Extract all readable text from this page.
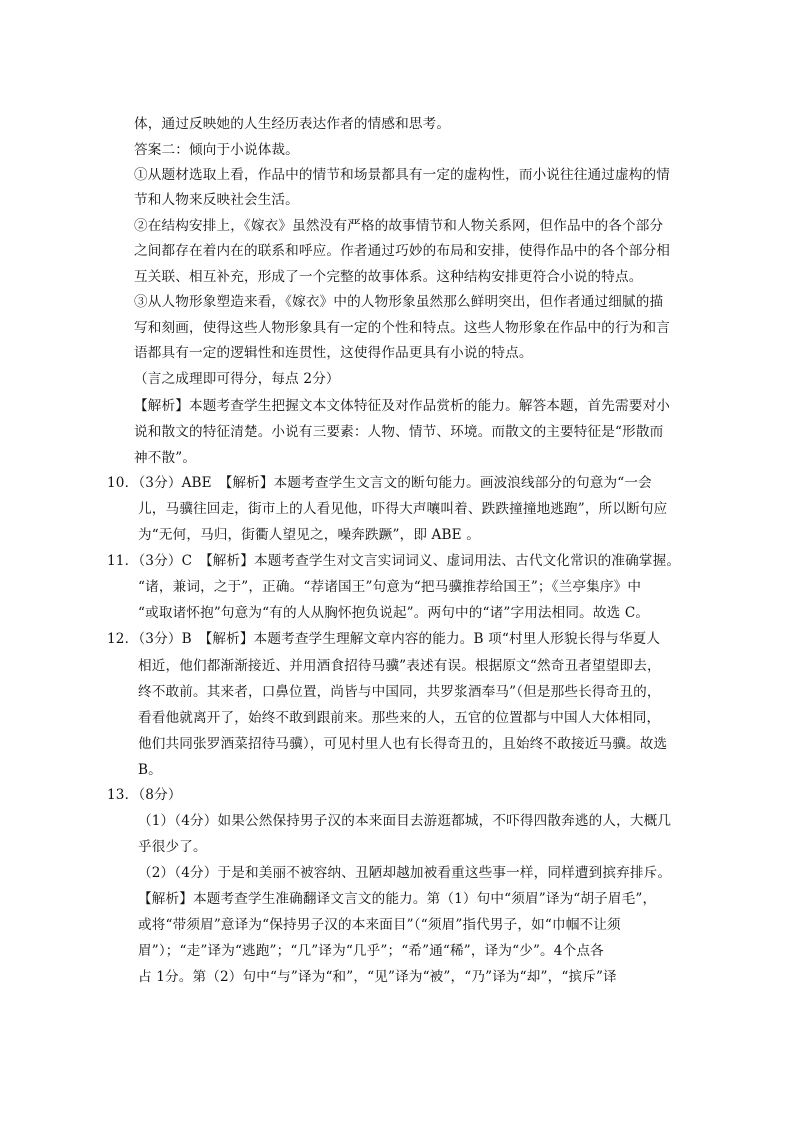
体，通过反映她的人生经历表达作者的情感和思考。
答案二：倾向于小说体裁。
①从题材选取上看，作品中的情节和场景都具有一定的虚构性，而小说往往通过虚构的情
节和人物来反映社会生活。
②在结构安排上，《嫁衣》虽然没有严格的故事情节和人物关系网，但作品中的各个部分
之间都存在着内在的联系和呼应。作者通过巧妙的布局和安排，使得作品中的各个部分相
互关联、相互补充，形成了一个完整的故事体系。这种结构安排更符合小说的特点。
③从人物形象塑造来看，《嫁衣》中的人物形象虽然那么鲜明突出，但作者通过细腻的描
写和刻画，使得这些人物形象具有一定的个性和特点。这些人物形象在作品中的行为和言
语都具有一定的逻辑性和连贯性，这使得作品更具有小说的特点。
（言之成理即可得分，每点 2分）
【解析】本题考查学生把握文本文体特征及对作品赏析的能力。解答本题，首先需要对小
说和散文的特征清楚。小说有三要素：人物、情节、环境。而散文的主要特征是“形散而
神不散”。
10．（3分）ABE　【解析】本题考查学生文言文的断句能力。画波浪线部分的句意为“一会
儿，马骥往回走，街市上的人看见他，吓得大声嚷叫着、跌跌撞撞地逃跑”，所以断句应
为“无何，马归，街衢人望见之，噪奔跌蹶”，即 ABE 。
11．（3分）C　【解析】本题考查学生对文言实词词义、虚词用法、古代文化常识的准确掌握。
“诸，兼词，之于”，正确。“荐诸国王”句意为“把马骥推荐给国王”；《兰亭集序》中
“或取诸怀抱”句意为“有的人从胸怀抱负说起”。两句中的“诸”字用法相同。故选 C。
12．（3分）B　【解析】本题考查学生理解文章内容的能力。B 项“村里人形貌长得与华夏人
相近，他们都渐渐接近、并用酒食招待马骥”表述有误。根据原文“然奇丑者望望即去，
终不敢前。其来者，口鼻位置，尚皆与中国同，共罗浆酒奉马”（但是那些长得奇丑的，
看看他就离开了，始终不敢到跟前来。那些来的人，五官的位置都与中国人大体相同，
他们共同张罗酒菜招待马骥），可见村里人也有长得奇丑的，且始终不敢接近马骥。故选
B。
13．（8分）
（1）（4分）如果公然保持男子汉的本来面目去游逛都城，不吓得四散奔逃的人，大概几
乎很少了。
（2）（4分）于是和美丽不被容纳、丑陋却越加被看重这些事一样，同样遭到摈弃排斥。
【解析】本题考查学生准确翻译文言文的能力。第（1）句中“须眉”译为“胡子眉毛”，
或将“带须眉”意译为“保持男子汉的本来面目”（“须眉”指代男子，如“巾帼不让须
眉”）；“走”译为“逃跑”；“几”译为“几乎”；“希”通“稀”，译为“少”。4个点各
占 1分。第（2）句中“与”译为“和”，“见”译为“被”，“乃”译为“却”，“摈斥”译
